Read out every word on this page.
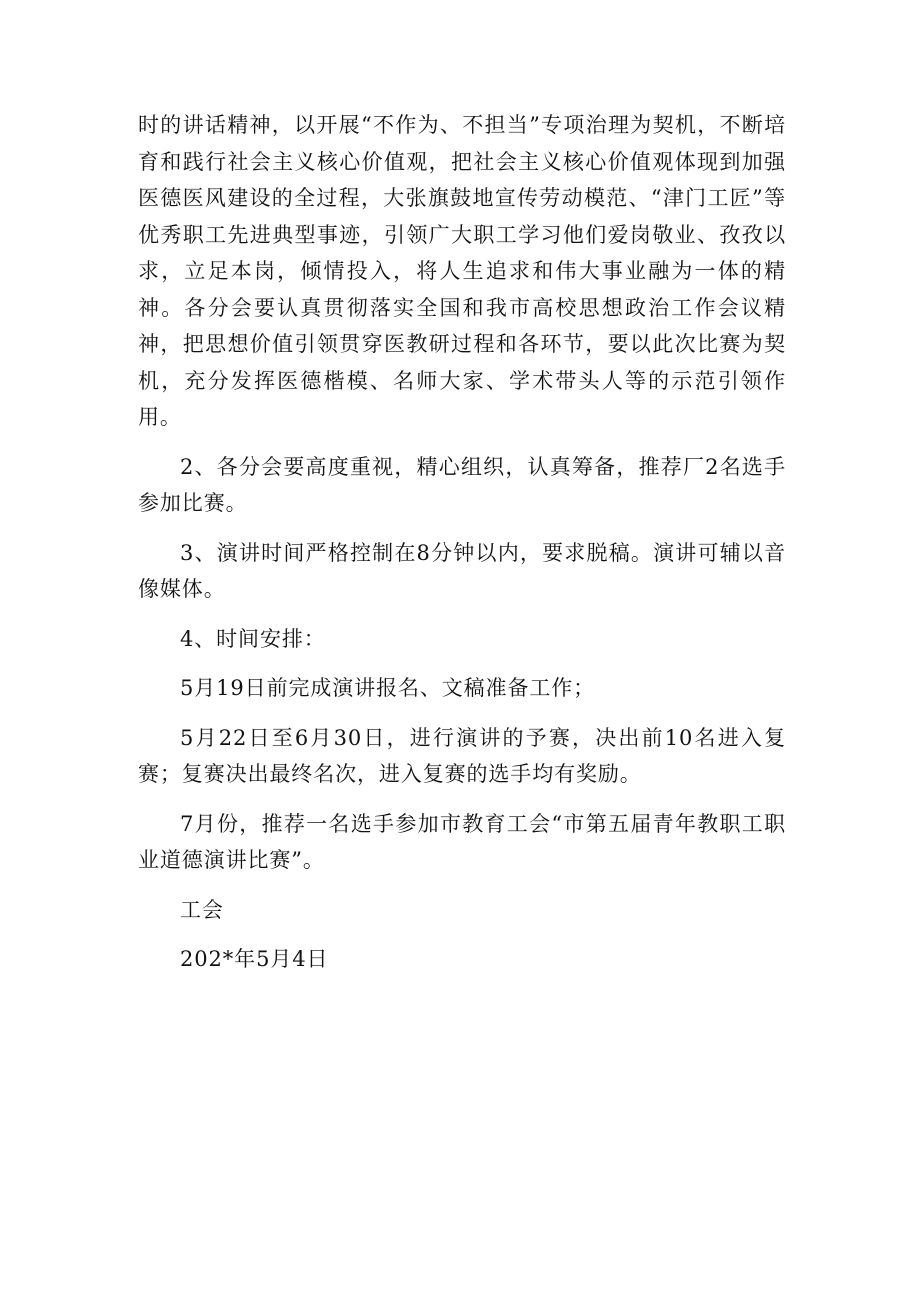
时的讲话精神，以开展“不作为、不担当”专项治理为契机，不断培育和践行社会主义核心价值观，把社会主义核心价值观体现到加强医德医风建设的全过程，大张旗鼓地宣传劳动模范、“津门工匠”等优秀职工先进典型事迹，引领广大职工学习他们爱岗敬业、孜孜以求，立足本岗，倾情投入，将人生追求和伟大事业融为一体的精神。各分会要认真贯彻落实全国和我市高校思想政治工作会议精神，把思想价值引领贯穿医教研过程和各环节，要以此次比赛为契机，充分发挥医德楷模、名师大家、学术带头人等的示范引领作用。

2、各分会要高度重视，精心组织，认真筹备，推荐厂2名选手参加比赛。

3、演讲时间严格控制在8分钟以内，要求脱稿。演讲可辅以音像媒体。

4、时间安排：

5月19日前完成演讲报名、文稿准备工作；

5月22日至6月30日，进行演讲的予赛，决出前10名进入复赛；复赛决出最终名次，进入复赛的选手均有奖励。

7月份，推荐一名选手参加市教育工会“市第五届青年教职工职业道德演讲比赛”。

工会

202*年5月4日
